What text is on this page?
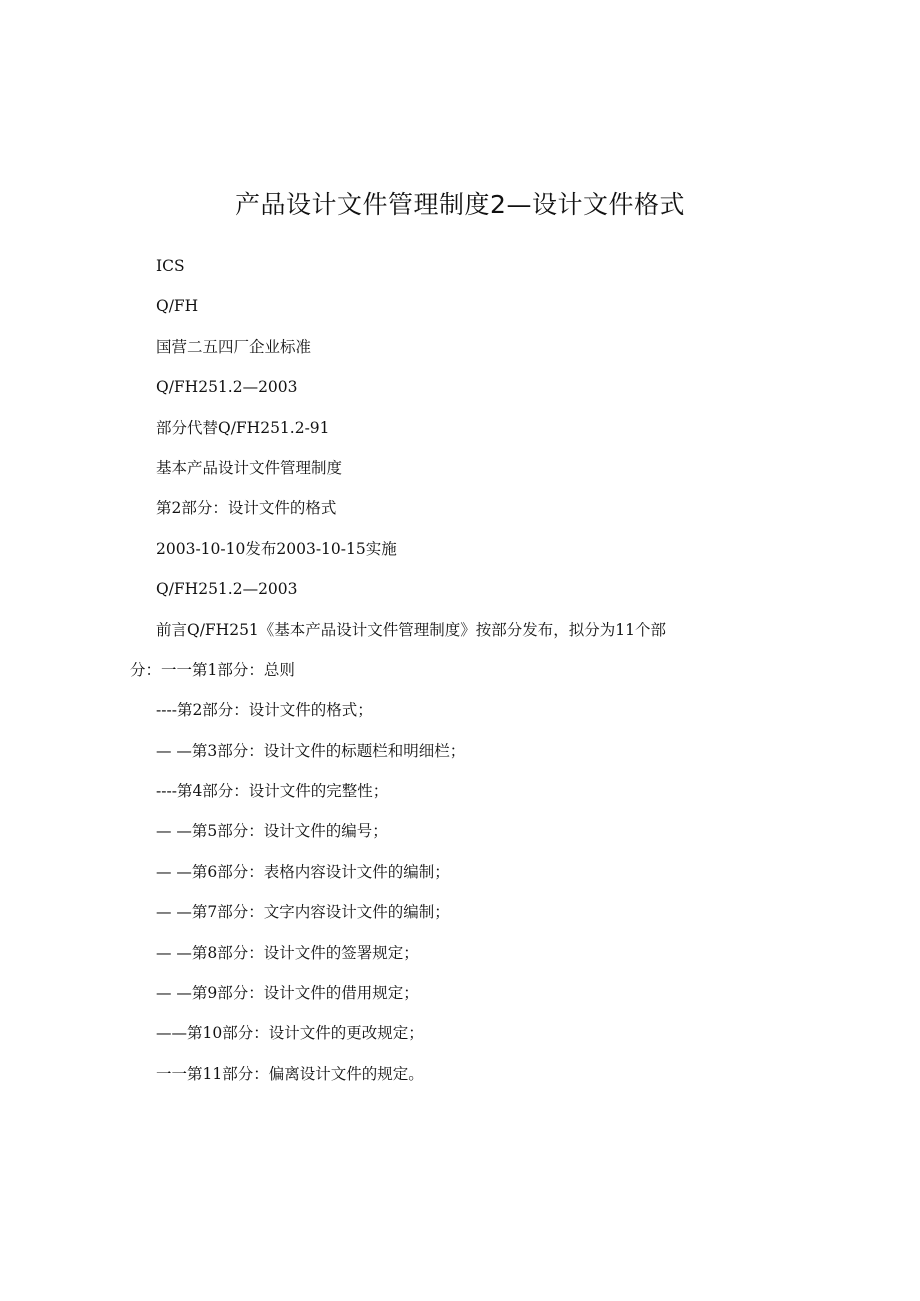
产品设计文件管理制度2—设计文件格式
ICS
Q/FH
国营二五四厂企业标准
Q/FH251.2—2003
部分代替Q/FH251.2-91
基本产品设计文件管理制度
第2部分：设计文件的格式
2003-10-10发布2003-10-15实施
Q/FH251.2—2003
前言Q/FH251《基本产品设计文件管理制度》按部分发布，拟分为11个部
分：一一第1部分：总则
----第2部分：设计文件的格式；
— —第3部分：设计文件的标题栏和明细栏；
----第4部分：设计文件的完整性；
— —第5部分：设计文件的编号；
— —第6部分：表格内容设计文件的编制；
— —第7部分：文字内容设计文件的编制；
— —第8部分：设计文件的签署规定；
— —第9部分：设计文件的借用规定；
——第10部分：设计文件的更改规定；
一一第11部分：偏离设计文件的规定。
